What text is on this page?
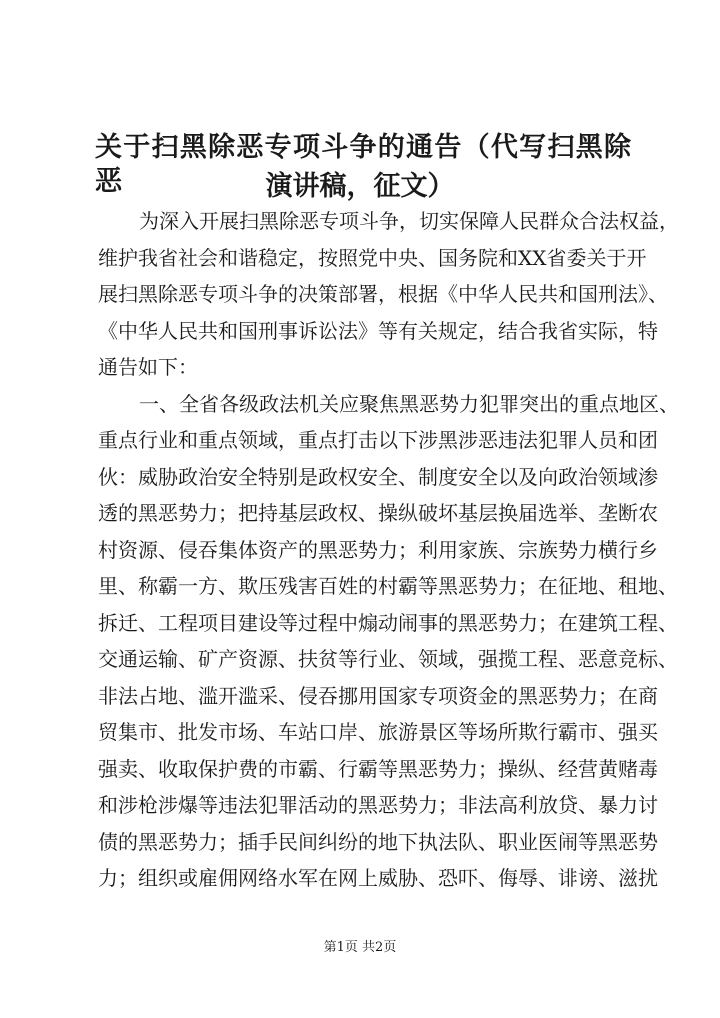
关于扫黑除恶专项斗争的通告（代写扫黑除恶	演讲稿，征文）
为深入开展扫黑除恶专项斗争，切实保障人民群众合法权益，
维护我省社会和谐稳定，按照党中央、国务院和XX省委关于开
展扫黑除恶专项斗争的决策部署，根据《中华人民共和国刑法》、
《中华人民共和国刑事诉讼法》等有关规定，结合我省实际，特
通告如下：
一、全省各级政法机关应聚焦黑恶势力犯罪突出的重点地区、
重点行业和重点领域，重点打击以下涉黑涉恶违法犯罪人员和团
伙：威胁政治安全特别是政权安全、制度安全以及向政治领域渗
透的黑恶势力；把持基层政权、操纵破坏基层换届选举、垄断农
村资源、侵吞集体资产的黑恶势力；利用家族、宗族势力横行乡
里、称霸一方、欺压残害百姓的村霸等黑恶势力；在征地、租地、
拆迁、工程项目建设等过程中煽动闹事的黑恶势力；在建筑工程、
交通运输、矿产资源、扶贫等行业、领域，强揽工程、恶意竞标、
非法占地、滥开滥采、侵吞挪用国家专项资金的黑恶势力；在商
贸集市、批发市场、车站口岸、旅游景区等场所欺行霸市、强买
强卖、收取保护费的市霸、行霸等黑恶势力；操纵、经营黄赌毒
和涉枪涉爆等违法犯罪活动的黑恶势力；非法高利放贷、暴力讨
债的黑恶势力；插手民间纠纷的地下执法队、职业医闹等黑恶势
力；组织或雇佣网络水军在网上威胁、恐吓、侮辱、诽谤、滋扰
第1页 共2页
